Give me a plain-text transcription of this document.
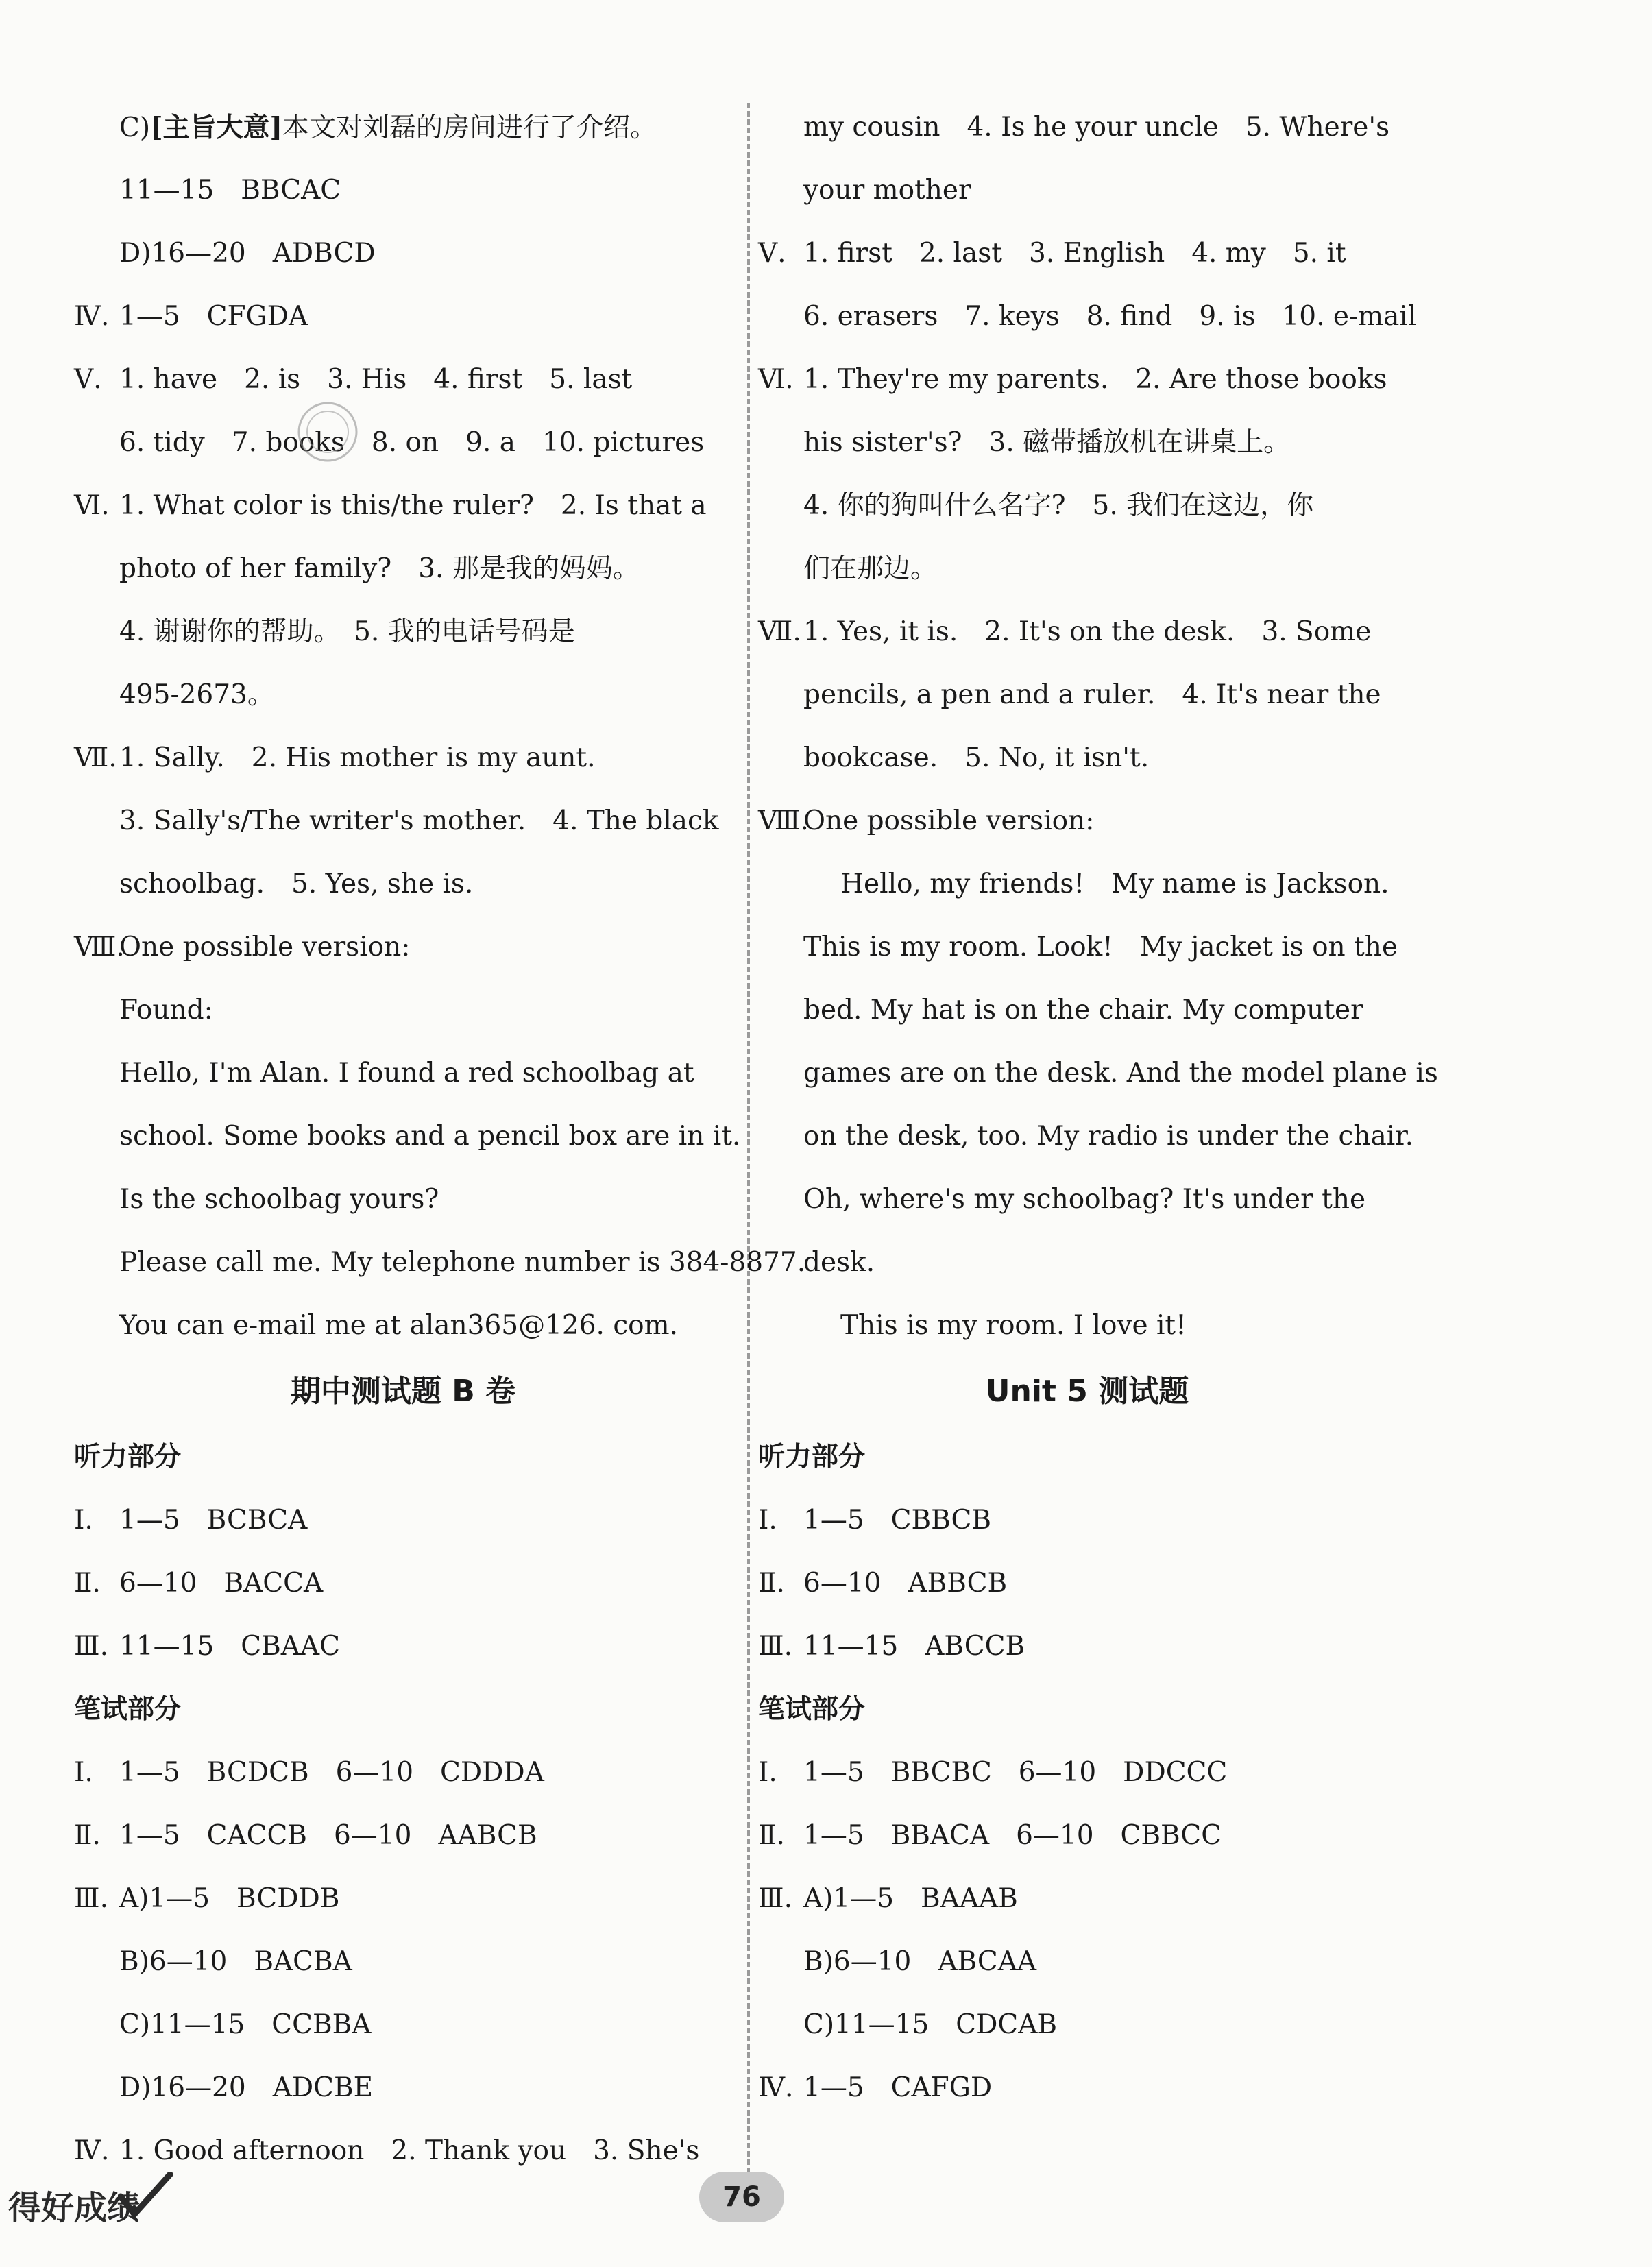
C)[主旨大意]本文对刘磊的房间进行了介绍。
11—15　BBCAC
D)16—20　ADBCD
Ⅳ. 1—5　CFGDA
Ⅴ. 1. have　2. is　3. His　4. first　5. last
6. tidy　7. books　8. on　9. a　10. pictures
Ⅵ. 1. What color is this/the ruler?　2. Is that a
photo of her family?　3. 那是我的妈妈。
4. 谢谢你的帮助。　5. 我的电话号码是
495-2673。
Ⅶ.1. Sally.　2. His mother is my aunt.
3. Sally's/The writer's mother.　4. The black
schoolbag.　5. Yes, she is.
Ⅷ.One possible version:
Found:
Hello, I'm Alan. I found a red schoolbag at
school. Some books and a pencil box are in it.
Is the schoolbag yours?
Please call me. My telephone number is 384-8877.
You can e-mail me at alan365@126. com.
期中测试题 B 卷
听力部分
Ⅰ. 1—5　BCBCA
Ⅱ. 6—10　BACCA
Ⅲ. 11—15　CBAAC
笔试部分
Ⅰ. 1—5　BCDCB　6—10　CDDDA
Ⅱ. 1—5　CACCB　6—10　AABCB
Ⅲ. A)1—5　BCDDB
B)6—10　BACBA
C)11—15　CCBBA
D)16—20　ADCBE
Ⅳ. 1. Good afternoon　2. Thank you　3. She's
my cousin　4. Is he your uncle　5. Where's
your mother
Ⅴ. 1. first　2. last　3. English　4. my　5. it
6. erasers　7. keys　8. find　9. is　10. e-mail
Ⅵ. 1. They're my parents.　2. Are those books
his sister's?　3. 磁带播放机在讲桌上。
4. 你的狗叫什么名字?　5. 我们在这边，你
们在那边。
Ⅶ.1. Yes, it is.　2. It's on the desk.　3. Some
pencils, a pen and a ruler.　4. It's near the
bookcase.　5. No, it isn't.
Ⅷ.One possible version:
Hello, my friends!　My name is Jackson.
This is my room. Look!　My jacket is on the
bed. My hat is on the chair. My computer
games are on the desk. And the model plane is
on the desk, too. My radio is under the chair.
Oh, where's my schoolbag? It's under the
desk.
This is my room. I love it!
Unit 5 测试题
听力部分
Ⅰ. 1—5　CBBCB
Ⅱ. 6—10　ABBCB
Ⅲ. 11—15　ABCCB
笔试部分
Ⅰ. 1—5　BBCBC　6—10　DDCCC
Ⅱ. 1—5　BBACA　6—10　CBBCC
Ⅲ. A)1—5　BAAAB
B)6—10　ABCAA
C)11—15　CDCAB
Ⅳ. 1—5　CAFGD
得好成绩	76
